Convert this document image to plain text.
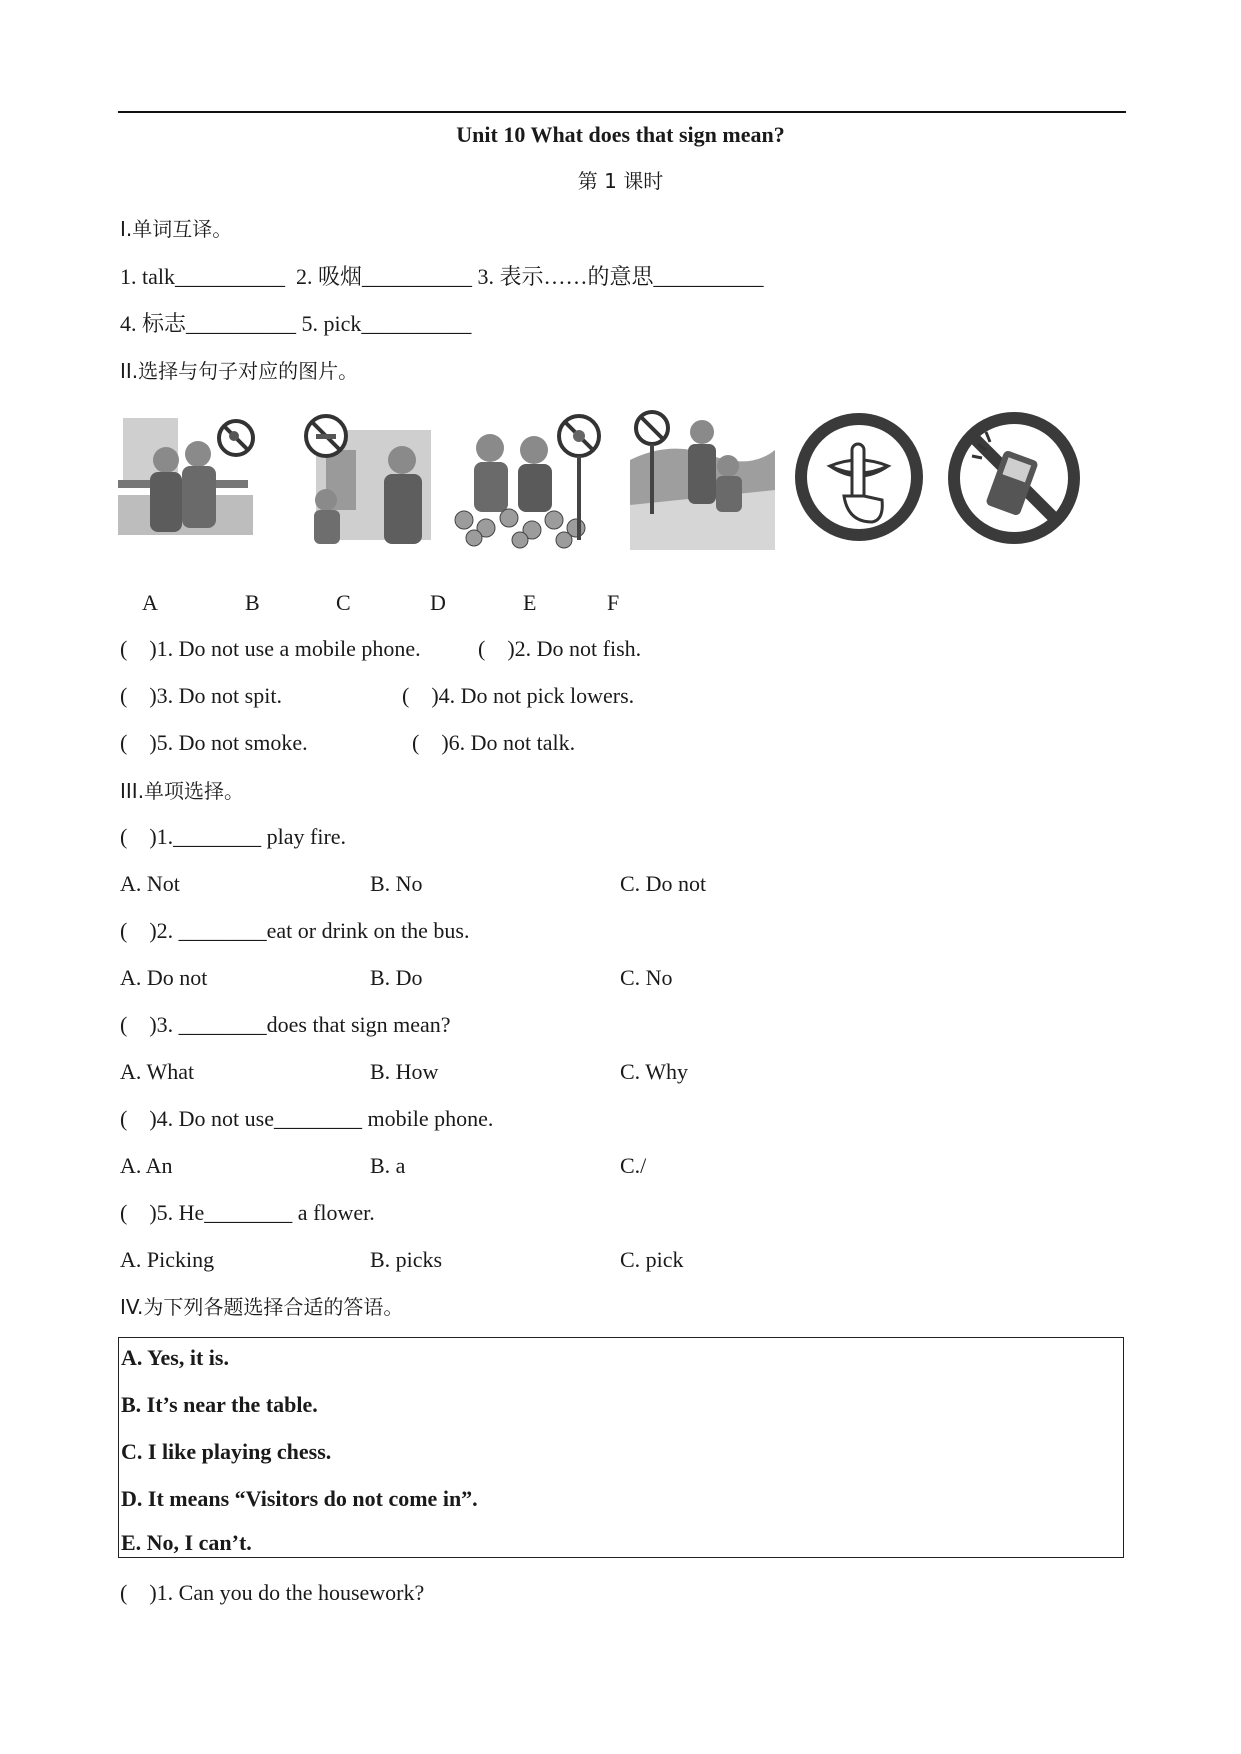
Unit 10 What does that sign mean?
第 1 课时
I.单词互译。
1. talk__________  2. 吸烟__________ 3. 表示……的意思__________
4. 标志__________ 5. pick__________
II.选择与句子对应的图片。
A	B	C	D	E	F
(    )1. Do not use a mobile phone.	(    )2. Do not fish.
(    )3. Do not spit.	(    )4. Do not pick lowers.
(    )5. Do not smoke.	(    )6. Do not talk.
III.单项选择。
(    )1.________ play fire.
A. Not	B. No	C. Do not
(    )2. ________eat or drink on the bus.
A. Do not	B. Do	C. No
(    )3. ________does that sign mean?
A. What	B. How	C. Why
(    )4. Do not use________ mobile phone.
A. An	B. a	C./
(    )5. He________ a flower.
A. Picking	B. picks	C. pick
IV.为下列各题选择合适的答语。
A. Yes, it is.
B. It’s near the table.
C. I like playing chess.
D. It means “Visitors do not come in”.
E. No, I can’t.
(    )1. Can you do the housework?
